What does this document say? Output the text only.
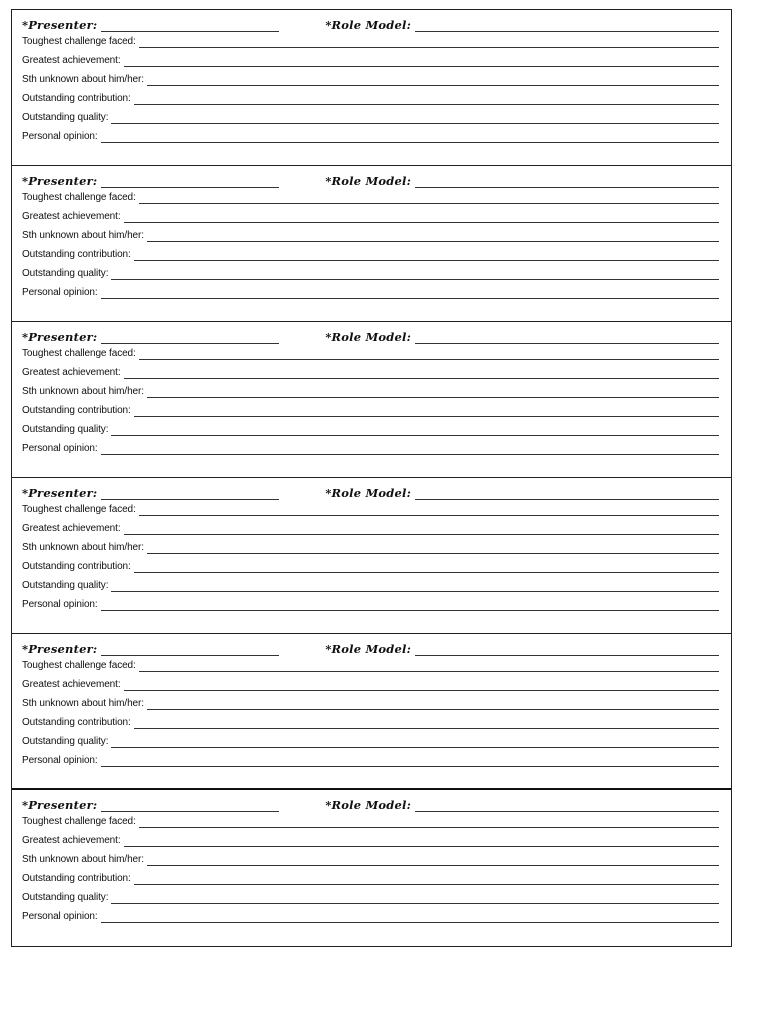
*Presenter:	*Role Model:
Toughest challenge faced:
Greatest achievement:
Sth unknown about him/her:
Outstanding contribution:
Outstanding quality:
Personal opinion:
*Presenter:	*Role Model:
Toughest challenge faced:
Greatest achievement:
Sth unknown about him/her:
Outstanding contribution:
Outstanding quality:
Personal opinion:
*Presenter:	*Role Model:
Toughest challenge faced:
Greatest achievement:
Sth unknown about him/her:
Outstanding contribution:
Outstanding quality:
Personal opinion:
*Presenter:	*Role Model:
Toughest challenge faced:
Greatest achievement:
Sth unknown about him/her:
Outstanding contribution:
Outstanding quality:
Personal opinion:
*Presenter:	*Role Model:
Toughest challenge faced:
Greatest achievement:
Sth unknown about him/her:
Outstanding contribution:
Outstanding quality:
Personal opinion:
*Presenter:	*Role Model:
Toughest challenge faced:
Greatest achievement:
Sth unknown about him/her:
Outstanding contribution:
Outstanding quality:
Personal opinion:
